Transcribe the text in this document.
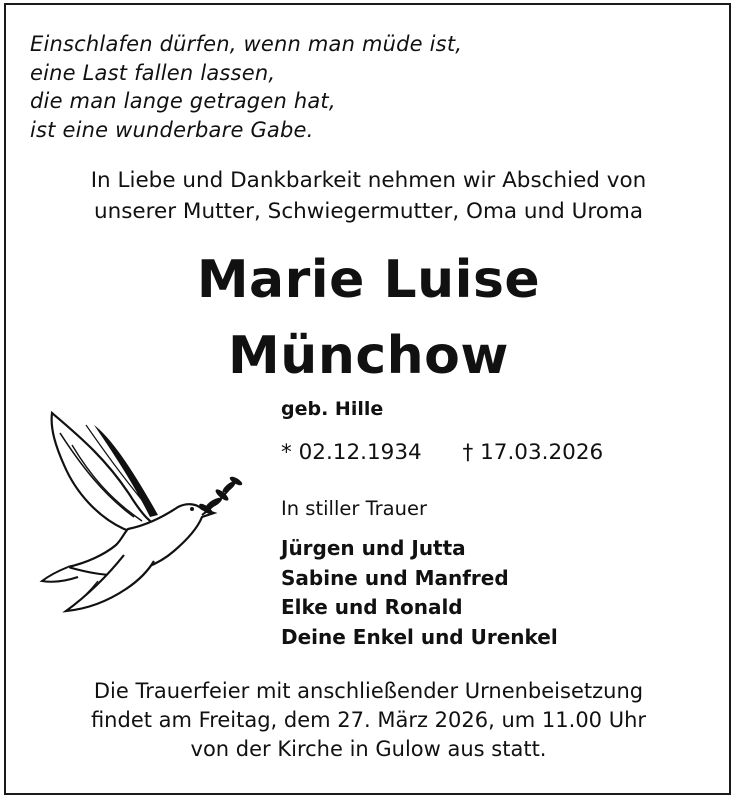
Einschlafen dürfen, wenn man müde ist,
eine Last fallen lassen,
die man lange getragen hat,
ist eine wunderbare Gabe.
In Liebe und Dankbarkeit nehmen wir Abschied von
unserer Mutter, Schwiegermutter, Oma und Uroma
Marie Luise
Münchow
geb. Hille
* 02.12.1934 † 17.03.2026
In stiller Trauer
Jürgen und Jutta
Sabine und Manfred
Elke und Ronald
Deine Enkel und Urenkel
Die Trauerfeier mit anschließender Urnenbeisetzung
findet am Freitag, dem 27. März 2026, um 11.00 Uhr
von der Kirche in Gulow aus statt.
